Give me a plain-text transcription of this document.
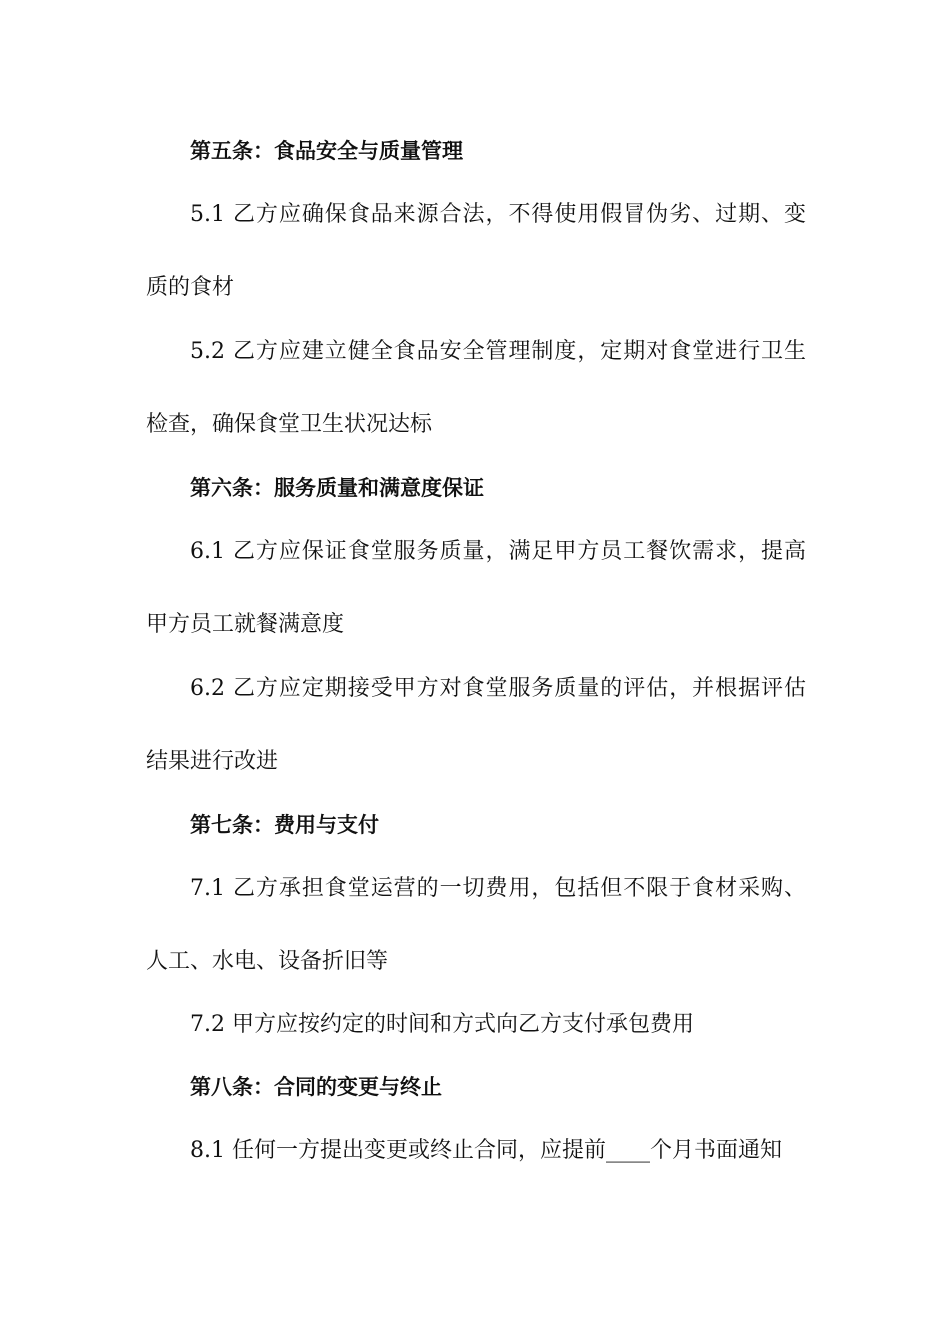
第五条：食品安全与质量管理
5.1 乙方应确保食品来源合法，不得使用假冒伪劣、过期、变
质的食材
5.2 乙方应建立健全食品安全管理制度，定期对食堂进行卫生
检查，确保食堂卫生状况达标
第六条：服务质量和满意度保证
6.1 乙方应保证食堂服务质量，满足甲方员工餐饮需求，提高
甲方员工就餐满意度
6.2 乙方应定期接受甲方对食堂服务质量的评估，并根据评估
结果进行改进
第七条：费用与支付
7.1 乙方承担食堂运营的一切费用，包括但不限于食材采购、
人工、水电、设备折旧等
7.2 甲方应按约定的时间和方式向乙方支付承包费用
第八条：合同的变更与终止
8.1 任何一方提出变更或终止合同，应提前____个月书面通知
